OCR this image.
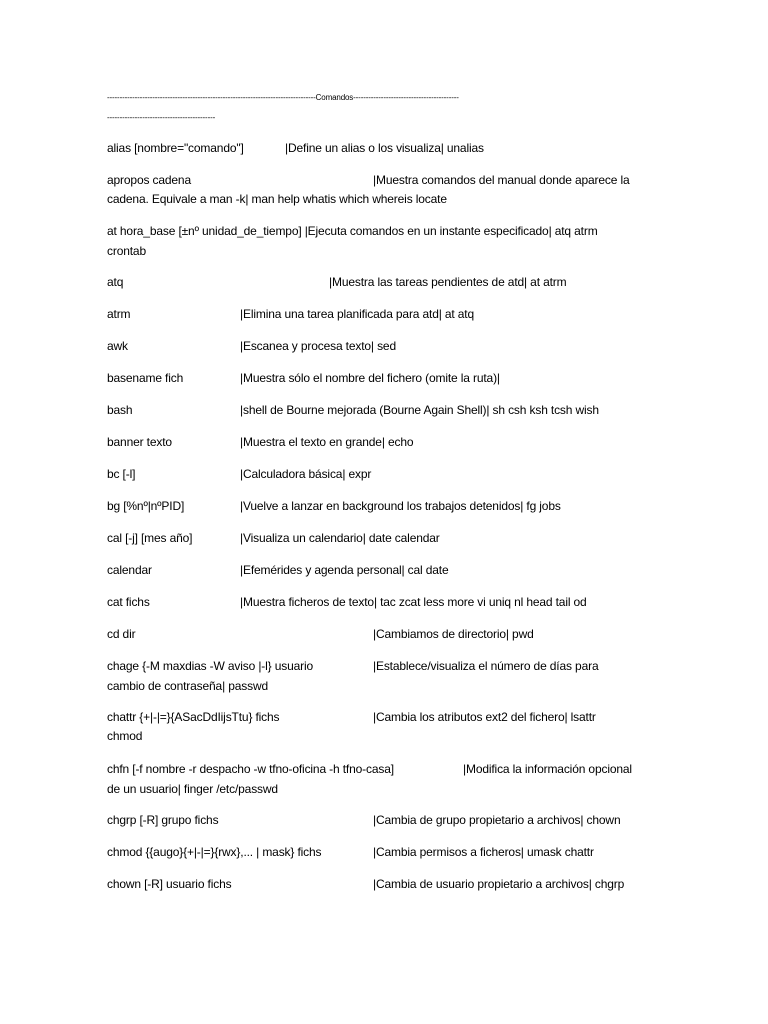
-----------------------------------------------------------------------------------Comandos------------------------------------------
-------------------------------------------
alias [nombre="comando"]	|Define un alias o los visualiza| unalias
apropos cadena	|Muestra comandos del manual donde aparece la
cadena. Equivale a man -k| man help whatis which whereis locate
at hora_base [±nº unidad_de_tiempo] |Ejecuta comandos en un instante especificado| atq atrm
crontab
atq	|Muestra las tareas pendientes de atd| at atrm
atrm	|Elimina una tarea planificada para atd| at atq
awk	|Escanea y procesa texto| sed
basename fich	|Muestra sólo el nombre del fichero (omite la ruta)|
bash	|shell de Bourne mejorada (Bourne Again Shell)| sh csh ksh tcsh wish
banner texto	|Muestra el texto en grande| echo
bc [-l]	|Calculadora básica| expr
bg [%nº|nºPID]	|Vuelve a lanzar en background los trabajos detenidos| fg jobs
cal [-j] [mes año]	|Visualiza un calendario| date calendar
calendar	|Efemérides y agenda personal| cal date
cat fichs	|Muestra ficheros de texto| tac zcat less more vi uniq nl head tail od
cd dir	|Cambiamos de directorio| pwd
chage {-M maxdias -W aviso |-l} usuario	|Establece/visualiza el número de días para
cambio de contraseña| passwd
chattr {+|-|=}{ASacDdIijsTtu} fichs	|Cambia los atributos ext2 del fichero| lsattr
chmod
chfn [-f nombre -r despacho -w tfno-oficina -h tfno-casa]	|Modifica la información opcional
de un usuario| finger /etc/passwd
chgrp [-R] grupo fichs	|Cambia de grupo propietario a archivos| chown
chmod {{augo}{+|-|=}{rwx},... | mask} fichs	|Cambia permisos a ficheros| umask chattr
chown [-R] usuario fichs	|Cambia de usuario propietario a archivos| chgrp
